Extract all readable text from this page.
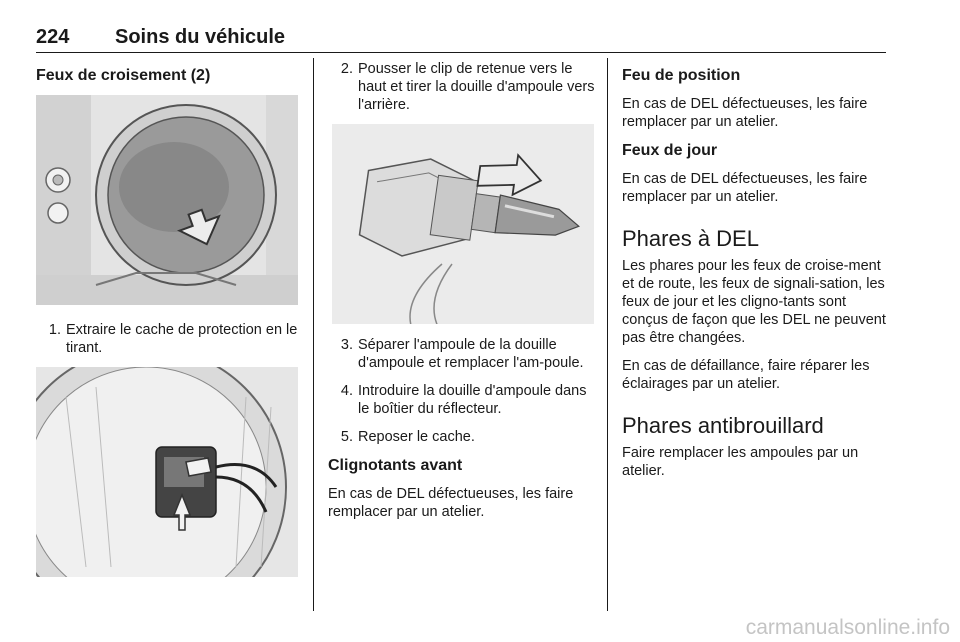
224 Soins du véhicule
Feux de croisement (2)
1. Extraire le cache de protection en le tirant.
2. Pousser le clip de retenue vers le haut et tirer la douille d'ampoule vers l'arrière.
3. Séparer l'ampoule de la douille d'ampoule et remplacer l'am-poule.
4. Introduire la douille d'ampoule dans le boîtier du réflecteur.
5. Reposer le cache.
Clignotants avant

En cas de DEL défectueuses, les faire remplacer par un atelier.

Feu de position

En cas de DEL défectueuses, les faire remplacer par un atelier.

Feux de jour

En cas de DEL défectueuses, les faire remplacer par un atelier.

Phares à DEL

Les phares pour les feux de croise-ment et de route, les feux de signali-sation, les feux de jour et les cligno-tants sont conçus de façon que les DEL ne peuvent pas être changées.

En cas de défaillance, faire réparer les éclairages par un atelier.

Phares antibrouillard

Faire remplacer les ampoules par un atelier.

carmanualsonline.info
